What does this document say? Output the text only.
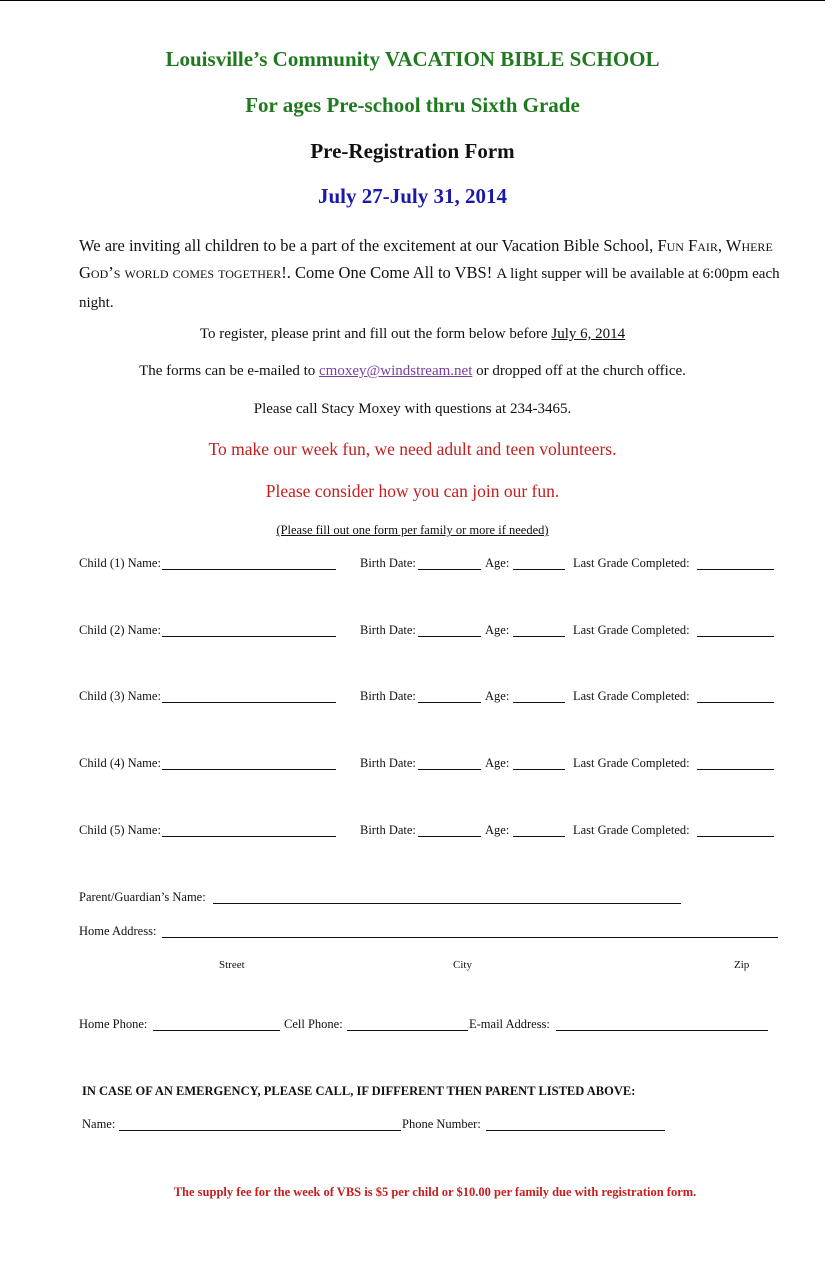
Louisville’s Community VACATION BIBLE SCHOOL
For ages Pre-school thru Sixth Grade
Pre-Registration Form
July 27-July 31, 2014
We are inviting all children to be a part of the excitement at our Vacation Bible School, Fun Fair, Where God’s world comes together!. Come One Come All to VBS! A light supper will be available at 6:00pm each night.
To register, please print and fill out the form below before July 6, 2014
The forms can be e-mailed to cmoxey@windstream.net or dropped off at the church office.
Please call Stacy Moxey with questions at 234-3465.
To make our week fun, we need adult and teen volunteers.
Please consider how you can join our fun.
(Please fill out one form per family or more if needed)
Child (1) Name:	Birth Date:	Age:	Last Grade Completed:
Child (2) Name:	Birth Date:	Age:	Last Grade Completed:
Child (3) Name:	Birth Date:	Age:	Last Grade Completed:
Child (4) Name:	Birth Date:	Age:	Last Grade Completed:
Child (5) Name:	Birth Date:	Age:	Last Grade Completed:
Parent/Guardian’s Name:
Home Address:
Street	City	Zip
Home Phone:	Cell Phone:	E-mail Address:
IN CASE OF AN EMERGENCY, PLEASE CALL, IF DIFFERENT THEN PARENT LISTED ABOVE:
Name:	Phone Number:
The supply fee for the week of VBS is $5 per child or $10.00 per family due with registration form.
